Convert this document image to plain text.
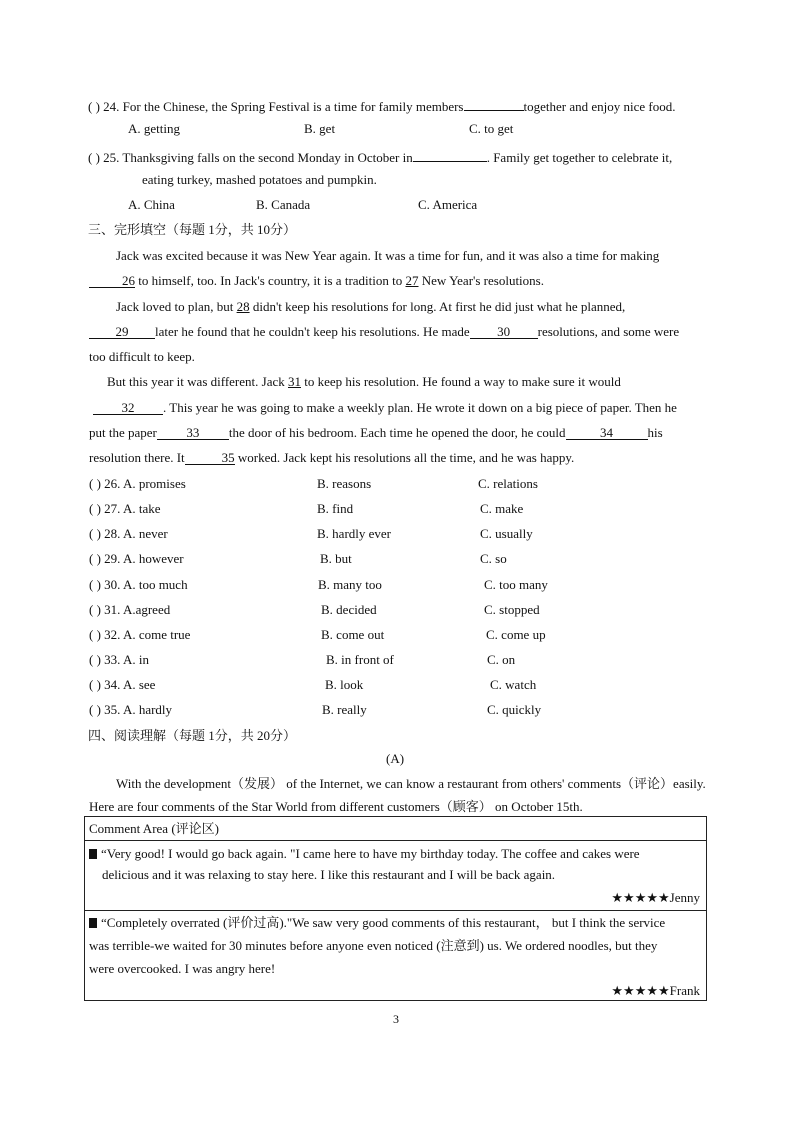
( ) 24. For the Chinese, the Spring Festival is a time for family members	together and enjoy nice food.
A. getting	B. get	C. to get
( ) 25. Thanksgiving falls on the second Monday in October in	. Family get together to celebrate it,
eating turkey, mashed potatoes and pumpkin.
A. China	B. Canada	C. America
三、完形填空（每题 1分，共 10分）
Jack was excited because it was New Year again. It was a time for fun, and it was also a time for making
26 to himself, too. In Jack's country, it is a tradition to 27 New Year's resolutions.
Jack loved to plan, but 28 didn't keep his resolutions for long. At first he did just what he planned,
29 later he found that he couldn't keep his resolutions. He made 30 resolutions, and some were
too difficult to keep.
But this year it was different. Jack 31 to keep his resolution. He found a way to make sure it would
32 . This year he was going to make a weekly plan. He wrote it down on a big piece of paper. Then he
put the paper 33 the door of his bedroom. Each time he opened the door, he could	34	his
resolution there. It	35 worked. Jack kept his resolutions all the time, and he was happy.
( ) 26. A. promises	B. reasons	C. relations
( ) 27. A. take	B. find	C. make
( ) 28. A. never	B. hardly ever	C. usually
( ) 29. A. however	B. but	C. so
( ) 30. A. too much	B. many too	C. too many
( ) 31. A.agreed	B. decided	C. stopped
( ) 32. A. come true	B. come out	C. come up
( ) 33. A. in	B. in front of	C. on
( ) 34. A. see	B. look	C. watch
( ) 35. A. hardly	B. really	C. quickly
四、阅读理解（每题 1分，共 20分）
(A)
With the development（发展） of the Internet, we can know a restaurant from others' comments（评论）easily.
Here are four comments of the Star World from different customers（顾客） on October 15th.
Comment Area (评论区)
“Very good! I would go back again. "I came here to have my birthday today. The coffee and cakes were
delicious and it was relaxing to stay here. I like this restaurant and I will be back again.
★★★★★Jenny
“Completely overrated (评价过高)."We saw very good comments of this restaurant， but I think the service
was terrible-we waited for 30 minutes before anyone even noticed (注意到) us. We ordered noodles, but they
were overcooked. I was angry here!
★★★★★Frank
3
